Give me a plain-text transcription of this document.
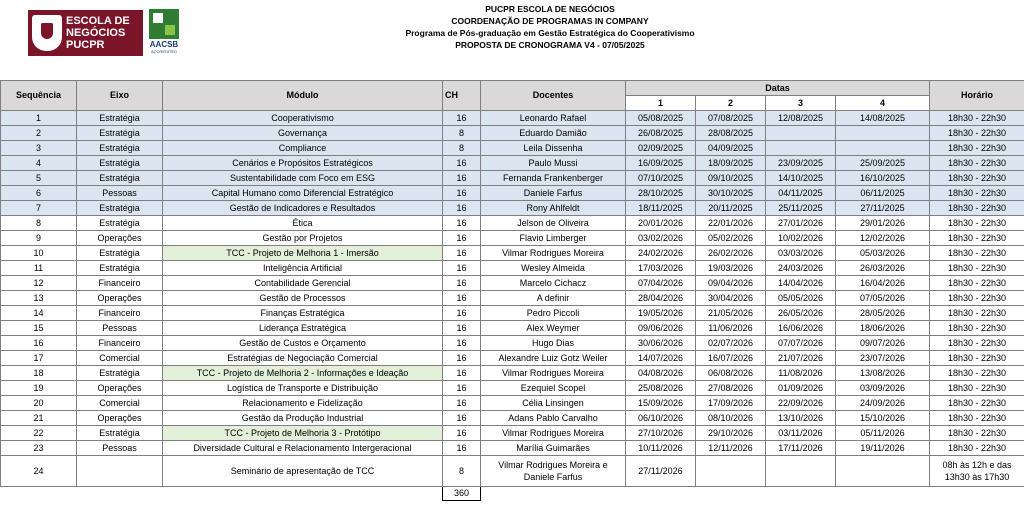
ESCOLA DE
NEGÓCIOS
PUCPR	AACSB
ACCREDITED
PUCPR ESCOLA DE NEGÓCIOS
COORDENAÇÃO DE PROGRAMAS IN COMPANY
Programa de Pós-graduação em Gestão Estratégica do Cooperativismo
PROPOSTA DE CRONOGRAMA V4 - 07/05/2025
Sequência	Eixo	Módulo	CH	Docentes	Datas				Horário
					1	2	3	4	
1	Estratégia	Cooperativismo	16	Leonardo Rafael	05/08/2025	07/08/2025	12/08/2025	14/08/2025	18h30 - 22h30
2	Estratégia	Governança	8	Eduardo Damião	26/08/2025	28/08/2025			18h30 - 22h30
3	Estratégia	Compliance	8	Leila Dissenha	02/09/2025	04/09/2025			18h30 - 22h30
4	Estratégia	Cenários e Propósitos Estratégicos	16	Paulo Mussi	16/09/2025	18/09/2025	23/09/2025	25/09/2025	18h30 - 22h30
5	Estratégia	Sustentabilidade com Foco em ESG	16	Fernanda Frankenberger	07/10/2025	09/10/2025	14/10/2025	16/10/2025	18h30 - 22h30
6	Pessoas	Capital Humano como Diferencial Estratégico	16	Daniele Farfus	28/10/2025	30/10/2025	04/11/2025	06/11/2025	18h30 - 22h30
7	Estratégia	Gestão de Indicadores e Resultados	16	Rony Ahlfeldt	18/11/2025	20/11/2025	25/11/2025	27/11/2025	18h30 - 22h30
8	Estratégia	Ética	16	Jelson de Oliveira	20/01/2026	22/01/2026	27/01/2026	29/01/2026	18h30 - 22h30
9	Operações	Gestão por Projetos	16	Flavio Limberger	03/02/2026	05/02/2026	10/02/2026	12/02/2026	18h30 - 22h30
10	Estratégia	TCC - Projeto de Melhoria 1 - Imersão	16	Vilmar Rodrigues Moreira	24/02/2026	26/02/2026	03/03/2026	05/03/2026	18h30 - 22h30
11	Estratégia	Inteligência Artificial	16	Wesley Almeida	17/03/2026	19/03/2026	24/03/2026	26/03/2026	18h30 - 22h30
12	Financeiro	Contabilidade Gerencial	16	Marcelo Cichacz	07/04/2026	09/04/2026	14/04/2026	16/04/2026	18h30 - 22h30
13	Operações	Gestão de Processos	16	A definir	28/04/2026	30/04/2026	05/05/2026	07/05/2026	18h30 - 22h30
14	Financeiro	Finanças Estratégica	16	Pedro Piccoli	19/05/2026	21/05/2026	26/05/2026	28/05/2026	18h30 - 22h30
15	Pessoas	Liderança Estratégica	16	Alex Weymer	09/06/2026	11/06/2026	16/06/2026	18/06/2026	18h30 - 22h30
16	Financeiro	Gestão de Custos e Orçamento	16	Hugo Dias	30/06/2026	02/07/2026	07/07/2026	09/07/2026	18h30 - 22h30
17	Comercial	Estratégias de Negociação Comercial	16	Alexandre Luiz Gotz Weiler	14/07/2026	16/07/2026	21/07/2026	23/07/2026	18h30 - 22h30
18	Estratégia	TCC - Projeto de Melhoria 2 - Informações e Ideação	16	Vilmar Rodrigues Moreira	04/08/2026	06/08/2026	11/08/2026	13/08/2026	18h30 - 22h30
19	Operações	Logística de Transporte e Distribuição	16	Ezequiel Scopel	25/08/2026	27/08/2026	01/09/2026	03/09/2026	18h30 - 22h30
20	Comercial	Relacionamento e Fidelização	16	Célia Linsingen	15/09/2026	17/09/2026	22/09/2026	24/09/2026	18h30 - 22h30
21	Operações	Gestão da Produção Industrial	16	Adans Pablo Carvalho	06/10/2026	08/10/2026	13/10/2026	15/10/2026	18h30 - 22h30
22	Estratégia	TCC - Projeto de Melhoria 3 - Protótipo	16	Vilmar Rodrigues Moreira	27/10/2026	29/10/2026	03/11/2026	05/11/2026	18h30 - 22h30
23	Pessoas	Diversidade Cultural e Relacionamento Intergeracional	16	Marília Guimarães	10/11/2026	12/11/2026	17/11/2026	19/11/2026	18h30 - 22h30
24		Seminário de apresentação de TCC	8	Vilmar Rodrigues Moreira e Daniele Farfus	27/11/2026				08h às 12h e das 13h30 às 17h30
			360						
